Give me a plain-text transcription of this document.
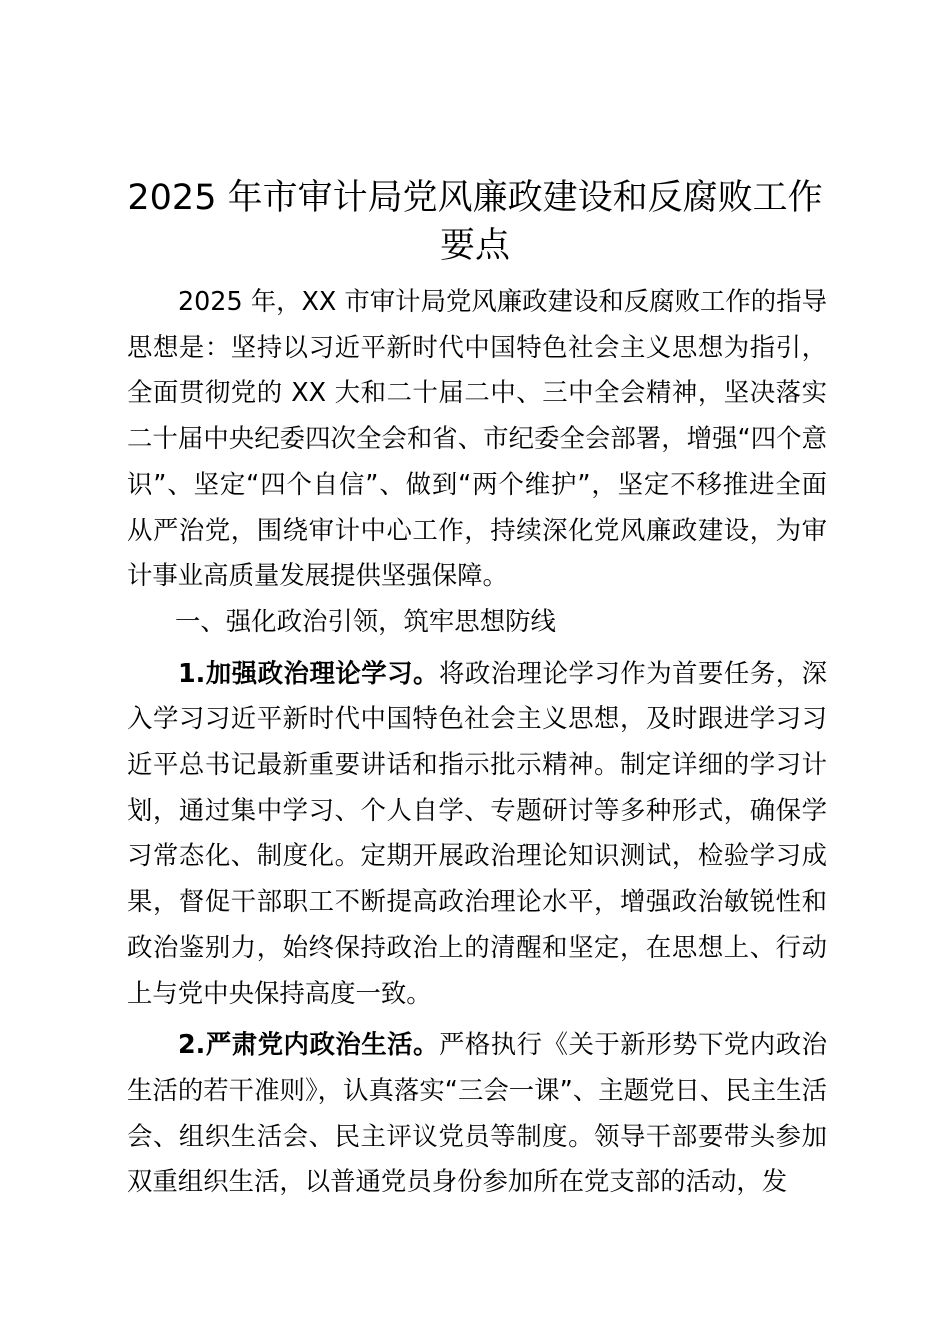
2025 年市审计局党风廉政建设和反腐败工作
要点

2025 年，XX 市审计局党风廉政建设和反腐败工作的指导思想是：坚持以习近平新时代中国特色社会主义思想为指引，全面贯彻党的 XX 大和二十届二中、三中全会精神，坚决落实二十届中央纪委四次全会和省、市纪委全会部署，增强“四个意识”、坚定“四个自信”、做到“两个维护”，坚定不移推进全面从严治党，围绕审计中心工作，持续深化党风廉政建设，为审计事业高质量发展提供坚强保障。

一、强化政治引领，筑牢思想防线

1.加强政治理论学习。将政治理论学习作为首要任务，深入学习习近平新时代中国特色社会主义思想，及时跟进学习习近平总书记最新重要讲话和指示批示精神。制定详细的学习计划，通过集中学习、个人自学、专题研讨等多种形式，确保学习常态化、制度化。定期开展政治理论知识测试，检验学习成果，督促干部职工不断提高政治理论水平，增强政治敏锐性和政治鉴别力，始终保持政治上的清醒和坚定，在思想上、行动上与党中央保持高度一致。

2.严肃党内政治生活。严格执行《关于新形势下党内政治生活的若干准则》，认真落实“三会一课”、主题党日、民主生活会、组织生活会、民主评议党员等制度。领导干部要带头参加双重组织生活，以普通党员身份参加所在党支部的活动，发
